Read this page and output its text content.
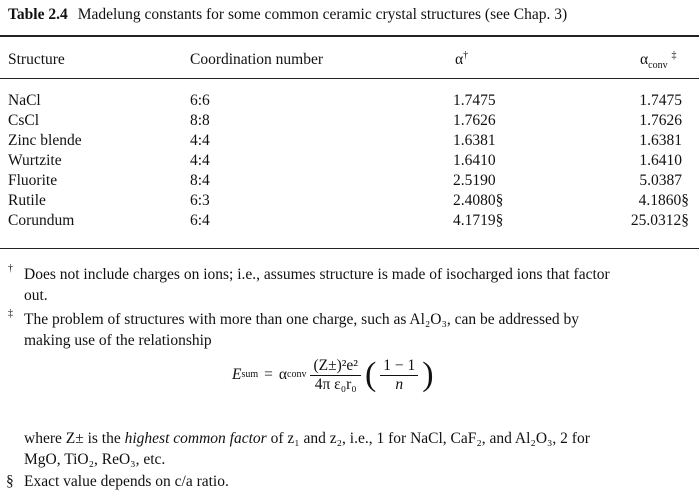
Table 2.4 Madelung constants for some common ceramic crystal structures (see Chap. 3)
Structure	Coordination number	α†	$\alpha_{conv}$ ‡
NaCl	6:6	1.7475	1.7475
CsCl	8:8	1.7626	1.7626
Zinc blende	4:4	1.6381	1.6381
Wurtzite	4:4	1.6410	1.6410
Fluorite	8:4	2.5190	5.0387
Rutile	6:3	2.4080§	4.1860§
Corundum	6:4	4.1719§	25.0312§
† Does not include charges on ions; i.e., assumes structure is made of isocharged ions that factor
out.
‡ The problem of structures with more than one charge, such as Al₂O₃, can be addressed by
making use of the relationship
E sum = α conv $\frac{\text{(Z±)²e²}}{\text{4π ε₀r₀}}$ ( $\frac{1 - 1}{n}$ )
where Z± is the highest common factor of z₁ and z₂, i.e., 1 for NaCl, CaF₂, and Al₂O₃, 2 for
MgO, TiO₂, ReO₃, etc.
§ Exact value depends on c/a ratio.
